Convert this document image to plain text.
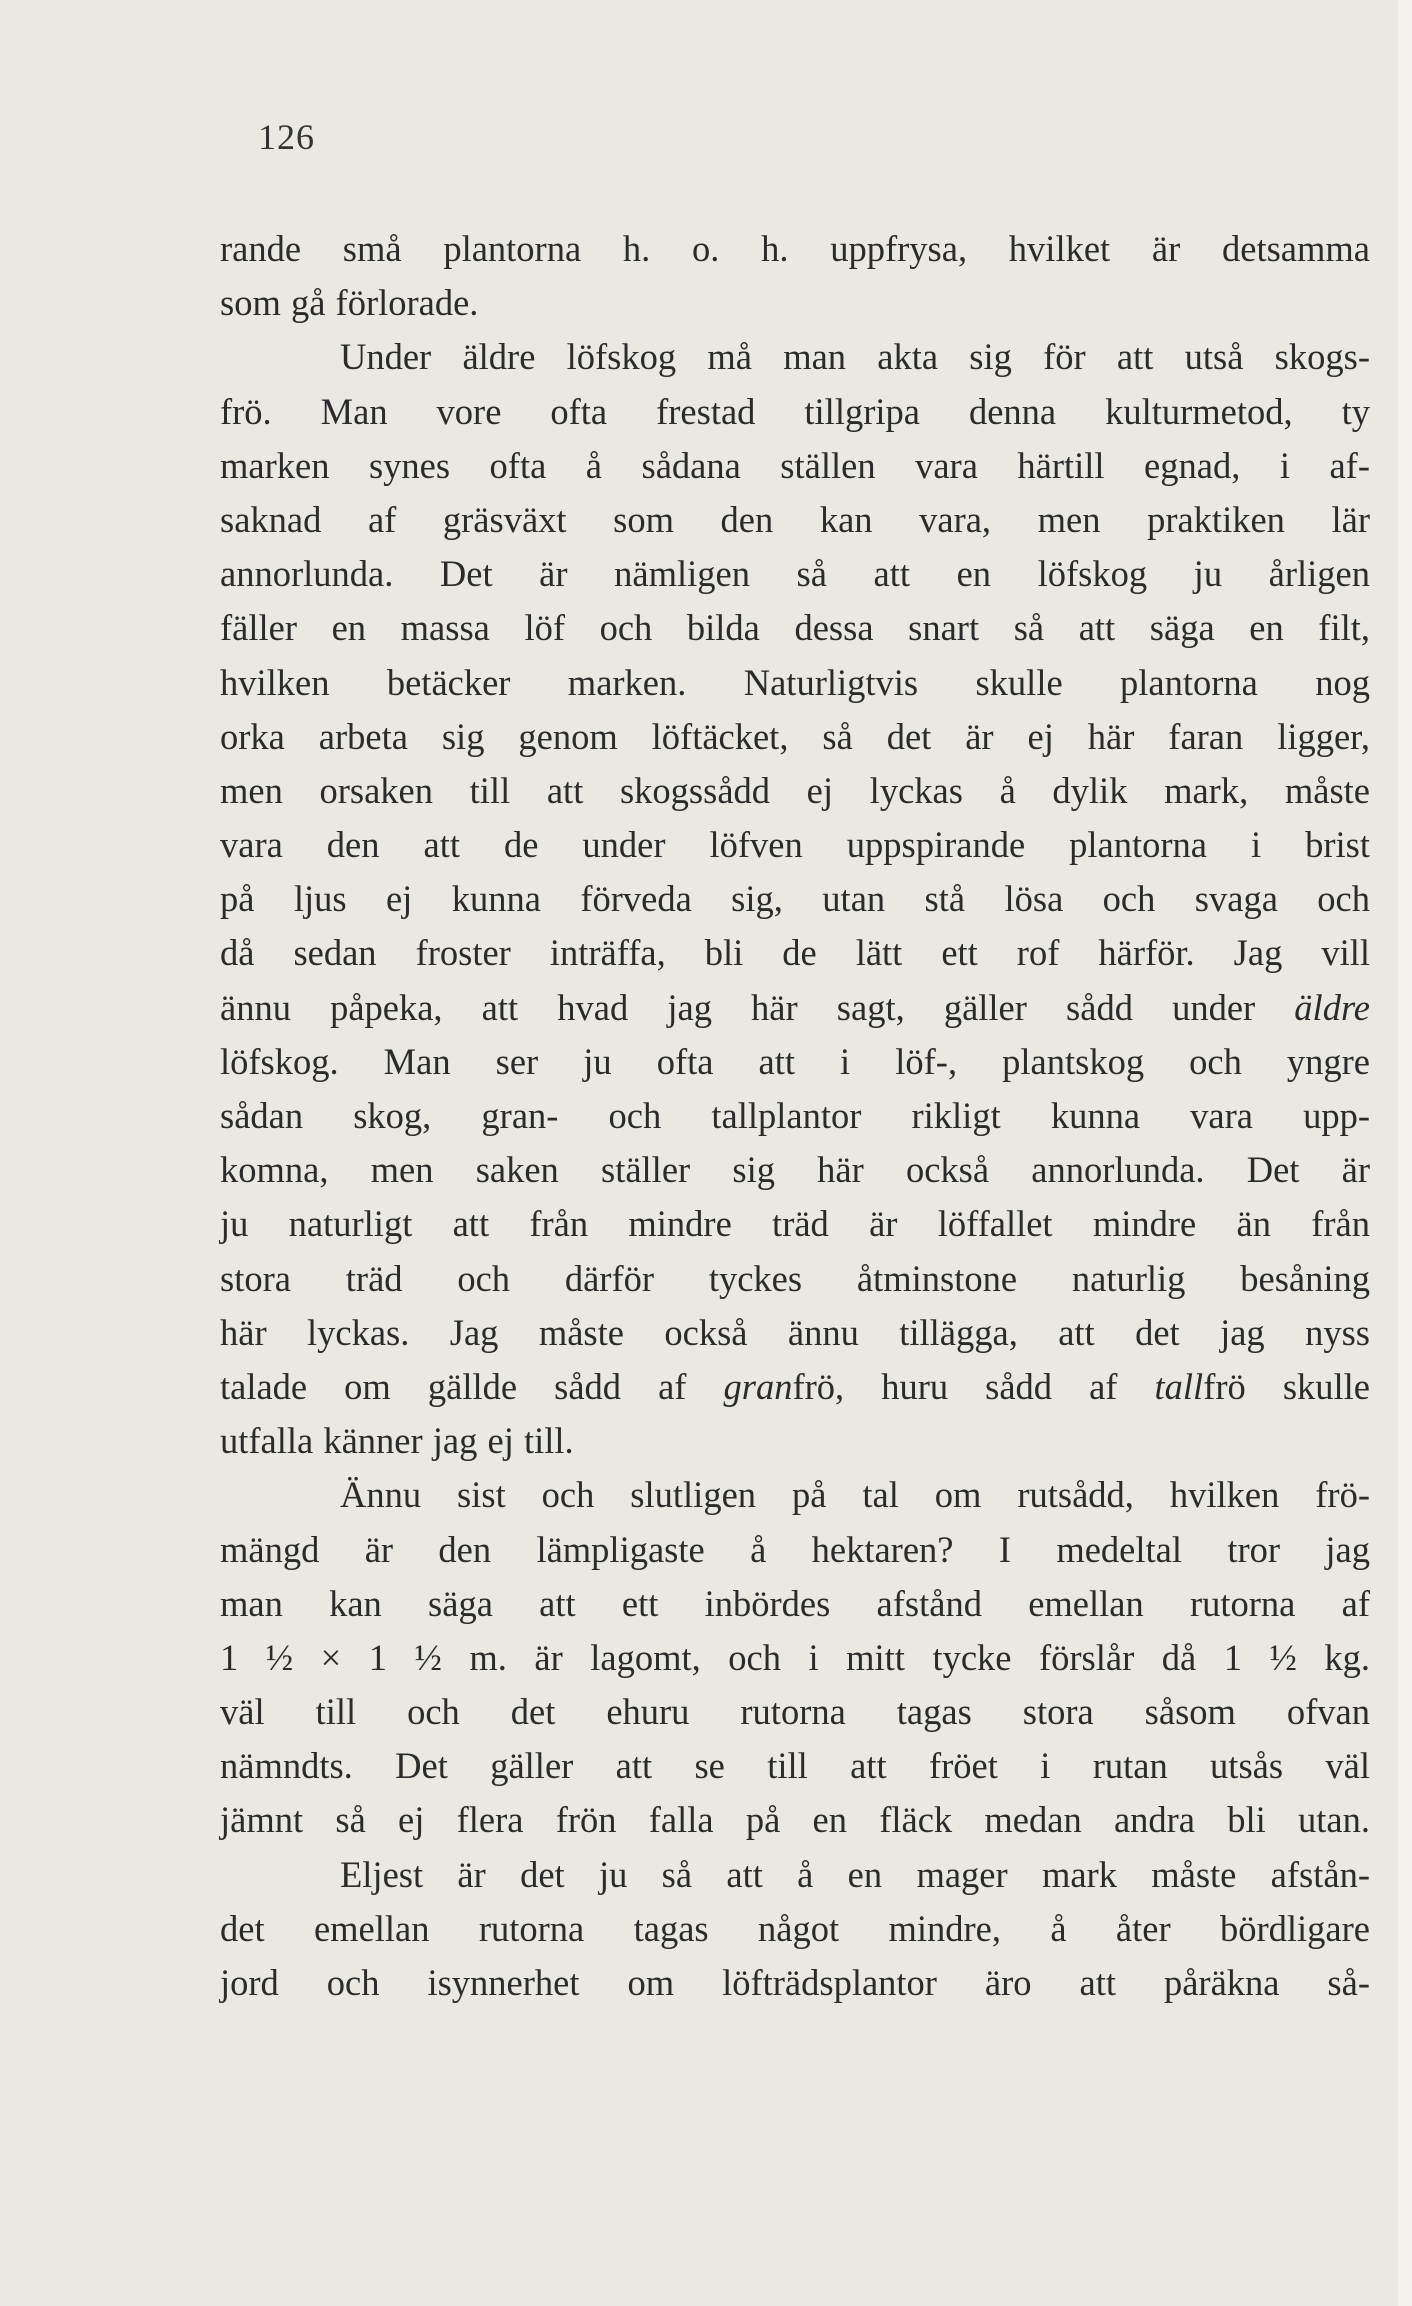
126
rande små plantorna h. o. h. uppfrysa, hvilket är detsamma
som gå förlorade.
Under äldre löfskog må man akta sig för att utså skogs-
frö. Man vore ofta frestad tillgripa denna kulturmetod, ty
marken synes ofta å sådana ställen vara härtill egnad, i af-
saknad af gräsväxt som den kan vara, men praktiken lär
annorlunda. Det är nämligen så att en löfskog ju årligen
fäller en massa löf och bilda dessa snart så att säga en filt,
hvilken betäcker marken. Naturligtvis skulle plantorna nog
orka arbeta sig genom löftäcket, så det är ej här faran ligger,
men orsaken till att skogssådd ej lyckas å dylik mark, måste
vara den att de under löfven uppspirande plantorna i brist
på ljus ej kunna förveda sig, utan stå lösa och svaga och
då sedan froster inträffa, bli de lätt ett rof härför. Jag vill
ännu påpeka, att hvad jag här sagt, gäller sådd under äldre
löfskog. Man ser ju ofta att i löf-, plantskog och yngre
sådan skog, gran- och tallplantor rikligt kunna vara upp-
komna, men saken ställer sig här också annorlunda. Det är
ju naturligt att från mindre träd är löffallet mindre än från
stora träd och därför tyckes åtminstone naturlig besåning
här lyckas. Jag måste också ännu tillägga, att det jag nyss
talade om gällde sådd af granfrö, huru sådd af tallfrö skulle
utfalla känner jag ej till.
Ännu sist och slutligen på tal om rutsådd, hvilken frö-
mängd är den lämpligaste å hektaren? I medeltal tror jag
man kan säga att ett inbördes afstånd emellan rutorna af
1 ½ × 1 ½ m. är lagomt, och i mitt tycke förslår då 1 ½ kg.
väl till och det ehuru rutorna tagas stora såsom ofvan
nämndts. Det gäller att se till att fröet i rutan utsås väl
jämnt så ej flera frön falla på en fläck medan andra bli utan.
Eljest är det ju så att å en mager mark måste afstån-
det emellan rutorna tagas något mindre, å åter bördligare
jord och isynnerhet om löfträdsplantor äro att påräkna så-
